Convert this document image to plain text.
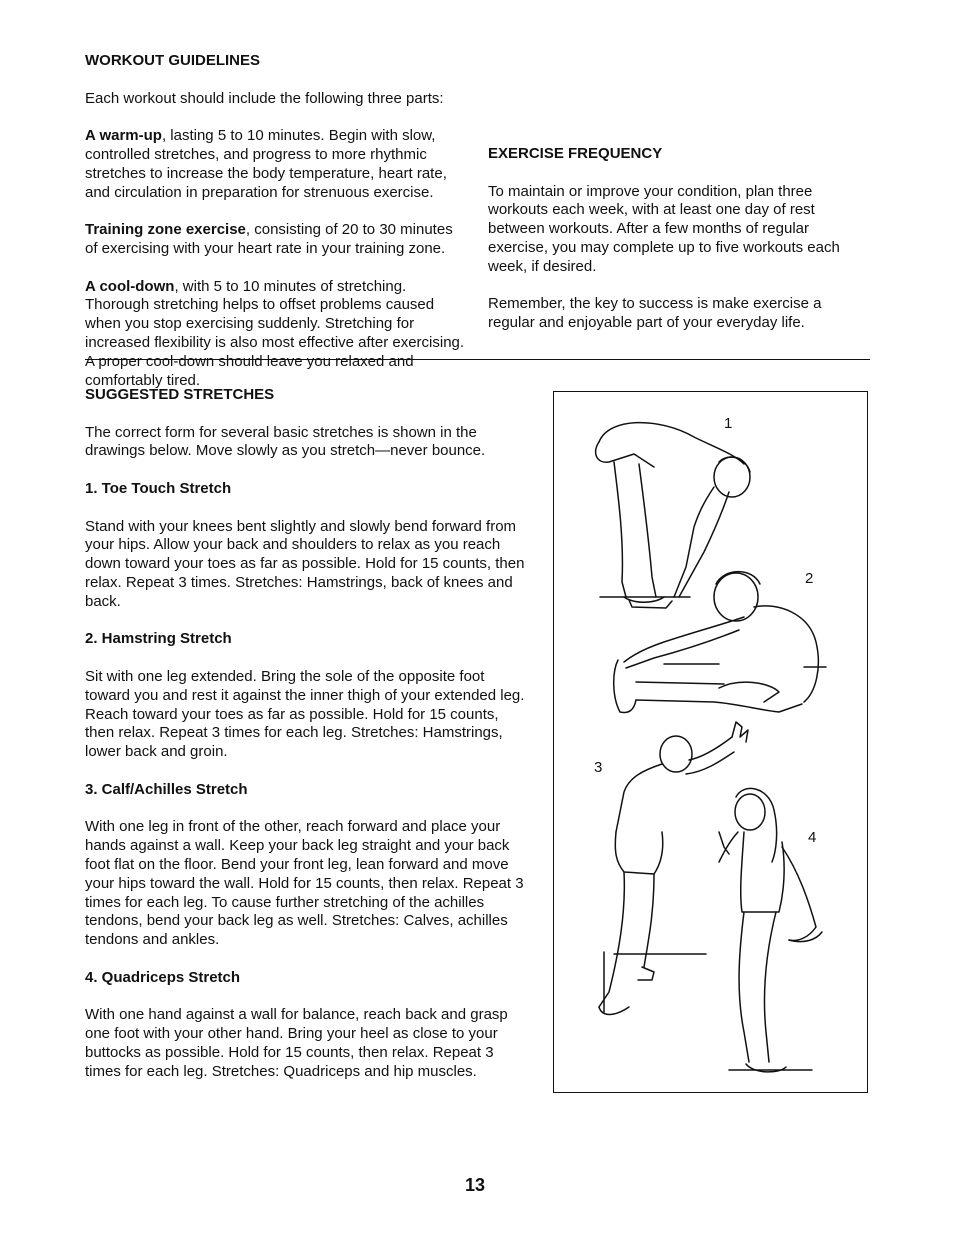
WORKOUT GUIDELINES

Each workout should include the following three parts:

A warm-up, lasting 5 to 10 minutes. Begin with slow, controlled stretches, and progress to more rhythmic stretches to increase the body temperature, heart rate, and circulation in preparation for strenuous exercise.

Training zone exercise, consisting of 20 to 30 minutes of exercising with your heart rate in your training zone.

A cool-down, with 5 to 10 minutes of stretching. Thorough stretching helps to offset problems caused when you stop exercising suddenly. Stretching for increased flexibility is also most effective after exercising. A proper cool-down should leave you relaxed and comfortably tired.

EXERCISE FREQUENCY

To maintain or improve your condition, plan three workouts each week, with at least one day of rest between workouts. After a few months of regular exercise, you may complete up to five workouts each week, if desired.

Remember, the key to success is make exercise a regular and enjoyable part of your everyday life.

SUGGESTED STRETCHES

The correct form for several basic stretches is shown in the drawings below. Move slowly as you stretch—never bounce.

1. Toe Touch Stretch

Stand with your knees bent slightly and slowly bend forward from your hips. Allow your back and shoulders to relax as you reach down toward your toes as far as possible. Hold for 15 counts, then relax. Repeat 3 times. Stretches: Hamstrings, back of knees and back.

2. Hamstring Stretch

Sit with one leg extended. Bring the sole of the opposite foot toward you and rest it against the inner thigh of your extended leg. Reach toward your toes as far as possible. Hold for 15 counts, then relax. Repeat 3 times for each leg. Stretches: Hamstrings, lower back and groin.

3. Calf/Achilles Stretch

With one leg in front of the other, reach forward and place your hands against a wall. Keep your back leg straight and your back foot flat on the floor. Bend your front leg, lean forward and move your hips toward the wall. Hold for 15 counts, then relax. Repeat 3 times for each leg. To cause further stretching of the achilles tendons, bend your back leg as well. Stretches: Calves, achilles tendons and ankles.

4. Quadriceps Stretch

With one hand against a wall for balance, reach back and grasp one foot with your other hand. Bring your heel as close to your buttocks as possible. Hold for 15 counts, then relax. Repeat 3 times for each leg. Stretches: Quadriceps and hip muscles.

1
2
3
4
13
